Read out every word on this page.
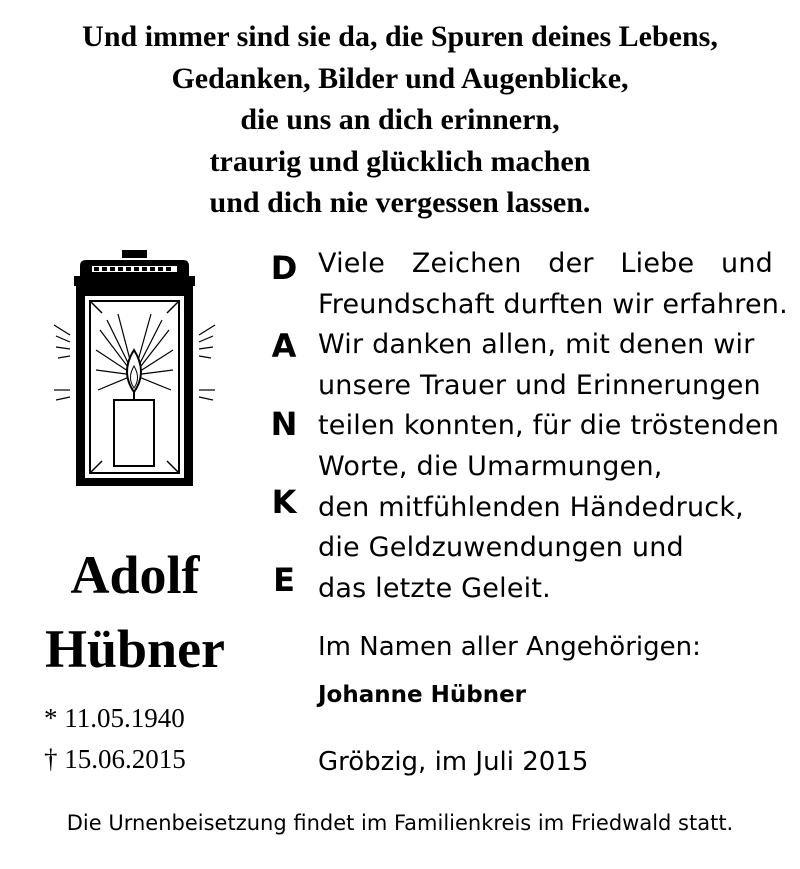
Und immer sind sie da, die Spuren deines Lebens,
Gedanken, Bilder und Augenblicke,
die uns an dich erinnern,
traurig und glücklich machen
und dich nie vergessen lassen.
Adolf
Hübner
* 11.05.1940
† 15.06.2015
D
A
N
K
E
Viele Zeichen der Liebe und
Freundschaft durften wir erfahren.
Wir danken allen, mit denen wir
unsere Trauer und Erinnerungen
teilen konnten, für die tröstenden
Worte, die Umarmungen,
den mitfühlenden Händedruck,
die Geldzuwendungen und
das letzte Geleit.
Im Namen aller Angehörigen:
Johanne Hübner
Gröbzig, im Juli 2015
Die Urnenbeisetzung findet im Familienkreis im Friedwald statt.
